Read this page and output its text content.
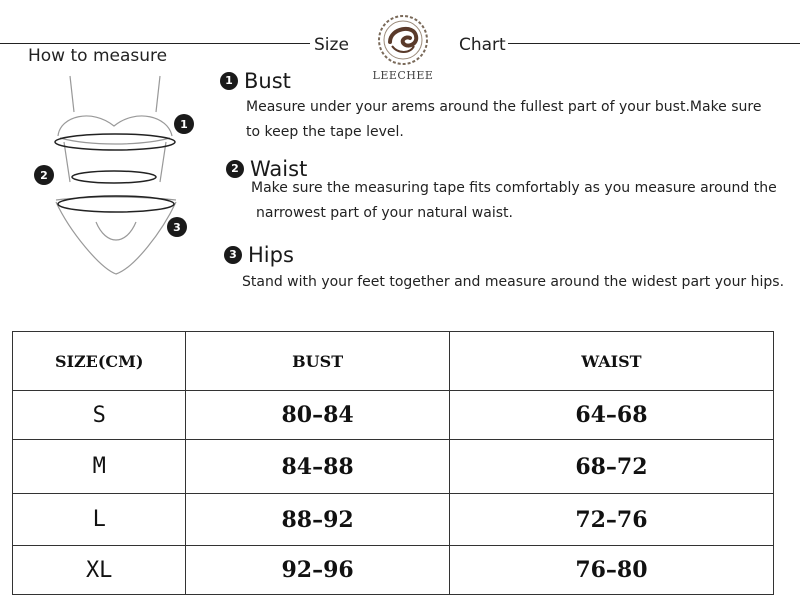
Size	Chart
LEECHEE
How to measure
1
2
3
1 Bust
Measure under your arems around the fullest part of your bust.Make sure
to keep the tape level.
2 Waist
Make sure the measuring tape fits comfortably as you measure around the
narrowest part of your natural waist.
3 Hips
Stand with your feet together and measure around the widest part your hips.
SIZE(CM)	BUST	WAIST
S	80–84	64–68
M	84–88	68–72
L	88–92	72–76
XL	92–96	76–80
